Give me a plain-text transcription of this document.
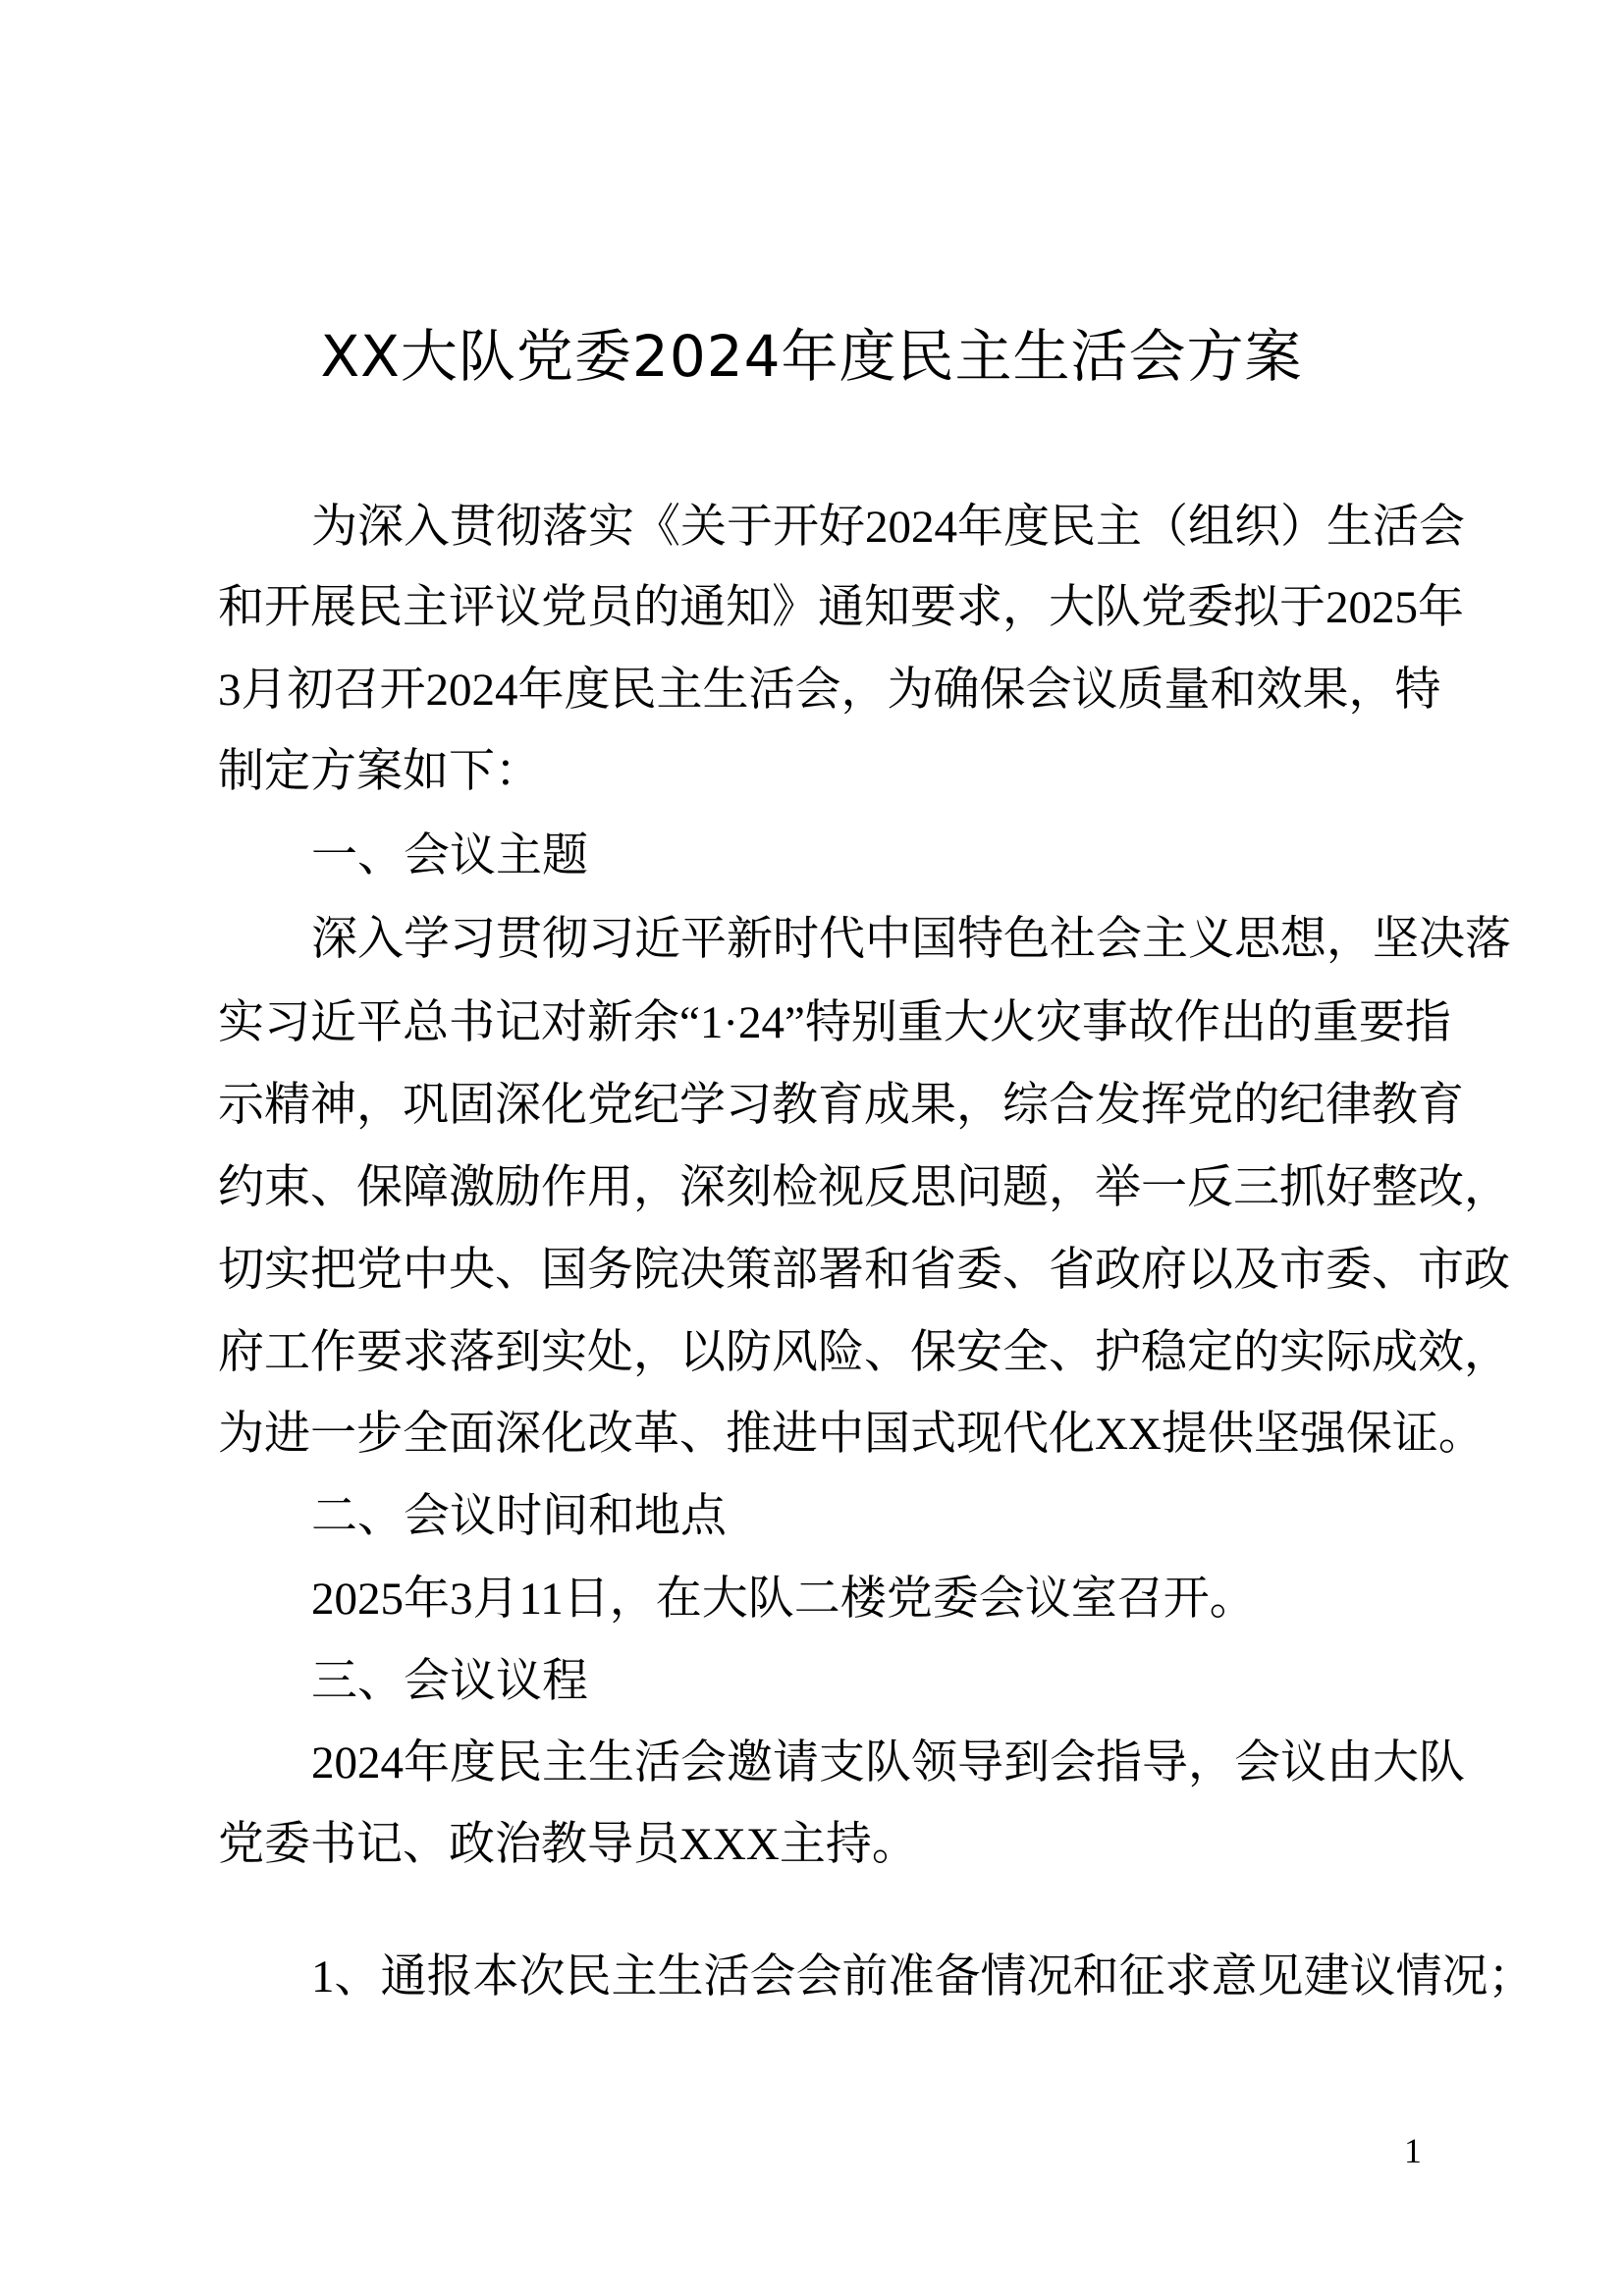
XX大队党委2024年度民主生活会方案
为深入贯彻落实《关于开好2024年度民主（组织）生活会
和开展民主评议党员的通知》通知要求，大队党委拟于2025年
3月初召开2024年度民主生活会，为确保会议质量和效果，特
制定方案如下：
一、会议主题
深入学习贯彻习近平新时代中国特色社会主义思想，坚决落
实习近平总书记对新余“1·24”特别重大火灾事故作出的重要指
示精神，巩固深化党纪学习教育成果，综合发挥党的纪律教育
约束、保障激励作用，深刻检视反思问题，举一反三抓好整改，
切实把党中央、国务院决策部署和省委、省政府以及市委、市政
府工作要求落到实处，以防风险、保安全、护稳定的实际成效，
为进一步全面深化改革、推进中国式现代化XX提供坚强保证。
二、会议时间和地点
2025年3月11日，在大队二楼党委会议室召开。
三、会议议程
2024年度民主生活会邀请支队领导到会指导，会议由大队
党委书记、政治教导员XXX主持。
1、通报本次民主生活会会前准备情况和征求意见建议情况；
1
